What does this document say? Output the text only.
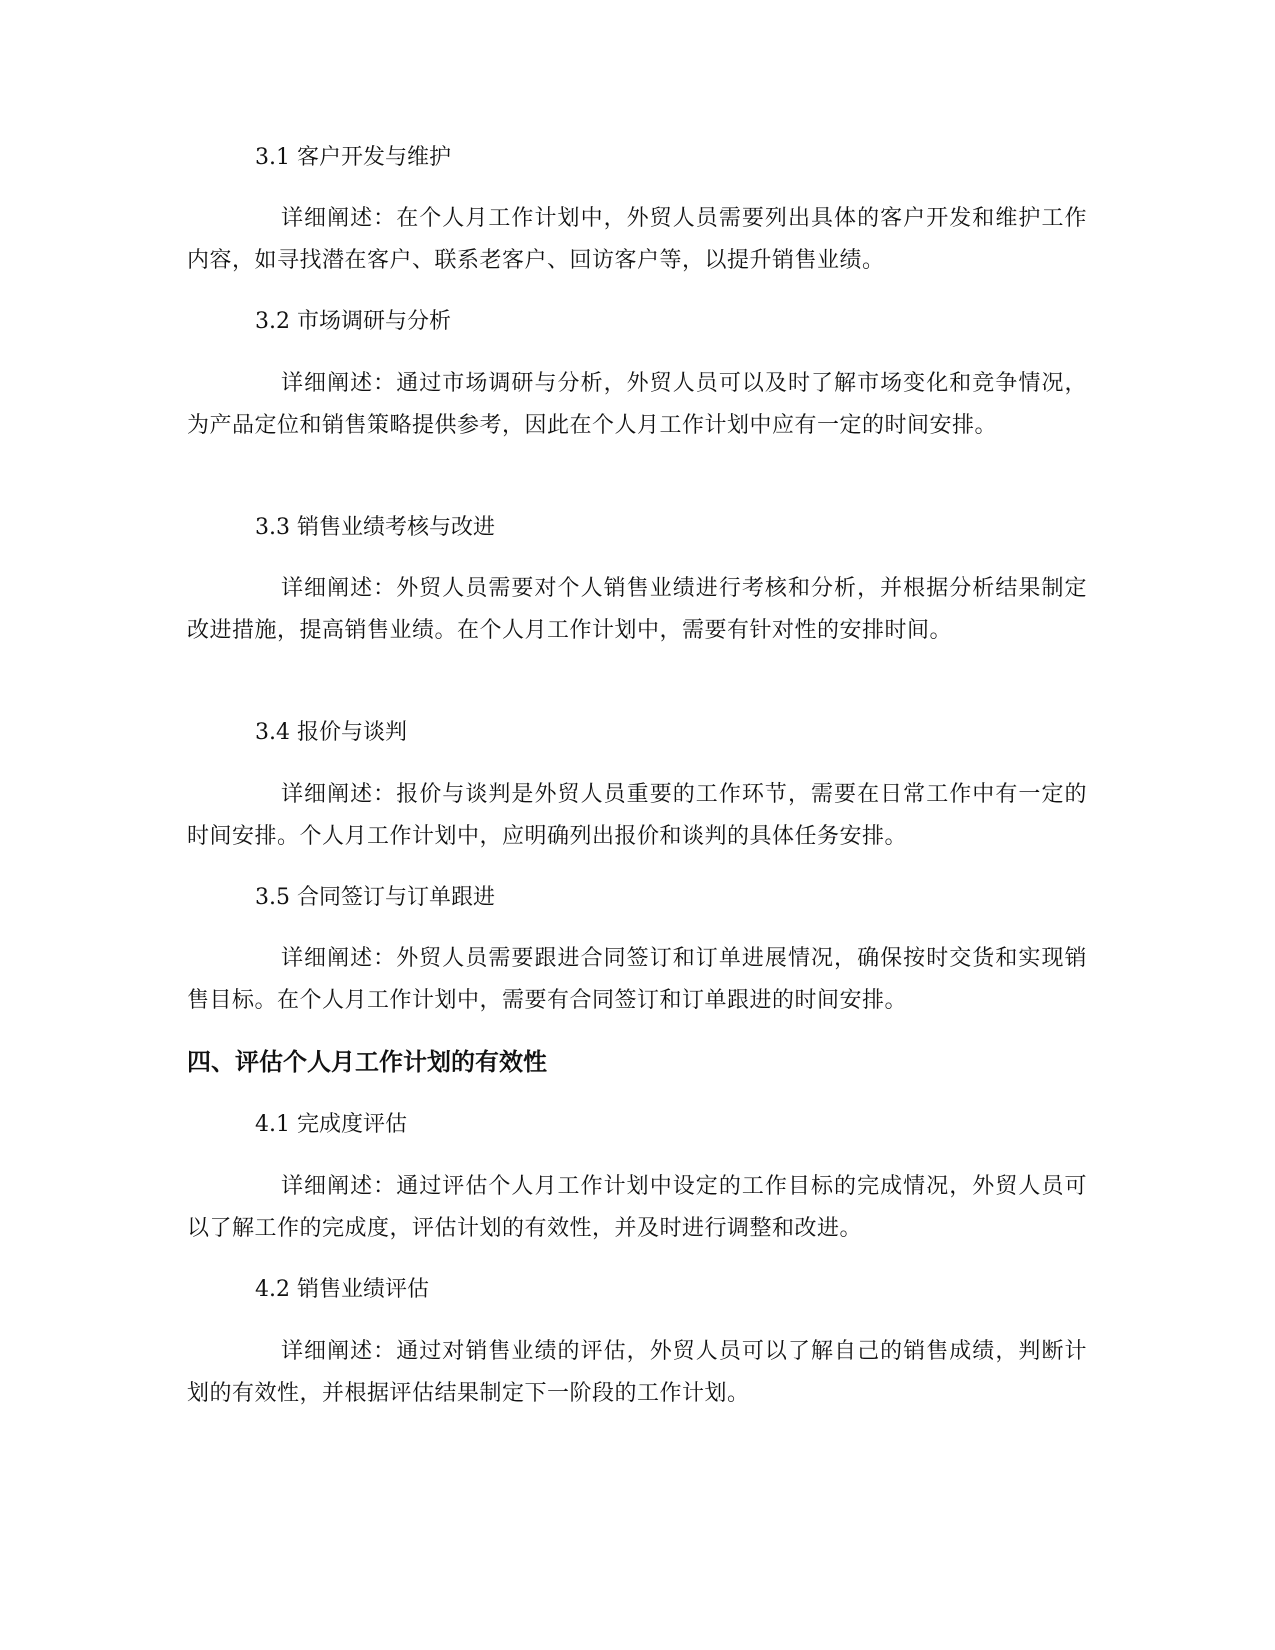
3.1 客户开发与维护
详细阐述：在个人月工作计划中，外贸人员需要列出具体的客户开发和维护工作内容，如寻找潜在客户、联系老客户、回访客户等，以提升销售业绩。
3.2 市场调研与分析
详细阐述：通过市场调研与分析，外贸人员可以及时了解市场变化和竞争情况，为产品定位和销售策略提供参考，因此在个人月工作计划中应有一定的时间安排。
3.3 销售业绩考核与改进
详细阐述：外贸人员需要对个人销售业绩进行考核和分析，并根据分析结果制定改进措施，提高销售业绩。在个人月工作计划中，需要有针对性的安排时间。
3.4 报价与谈判
详细阐述：报价与谈判是外贸人员重要的工作环节，需要在日常工作中有一定的时间安排。个人月工作计划中，应明确列出报价和谈判的具体任务安排。
3.5 合同签订与订单跟进
详细阐述：外贸人员需要跟进合同签订和订单进展情况，确保按时交货和实现销售目标。在个人月工作计划中，需要有合同签订和订单跟进的时间安排。
四、评估个人月工作计划的有效性
4.1 完成度评估
详细阐述：通过评估个人月工作计划中设定的工作目标的完成情况，外贸人员可以了解工作的完成度，评估计划的有效性，并及时进行调整和改进。
4.2 销售业绩评估
详细阐述：通过对销售业绩的评估，外贸人员可以了解自己的销售成绩，判断计划的有效性，并根据评估结果制定下一阶段的工作计划。
